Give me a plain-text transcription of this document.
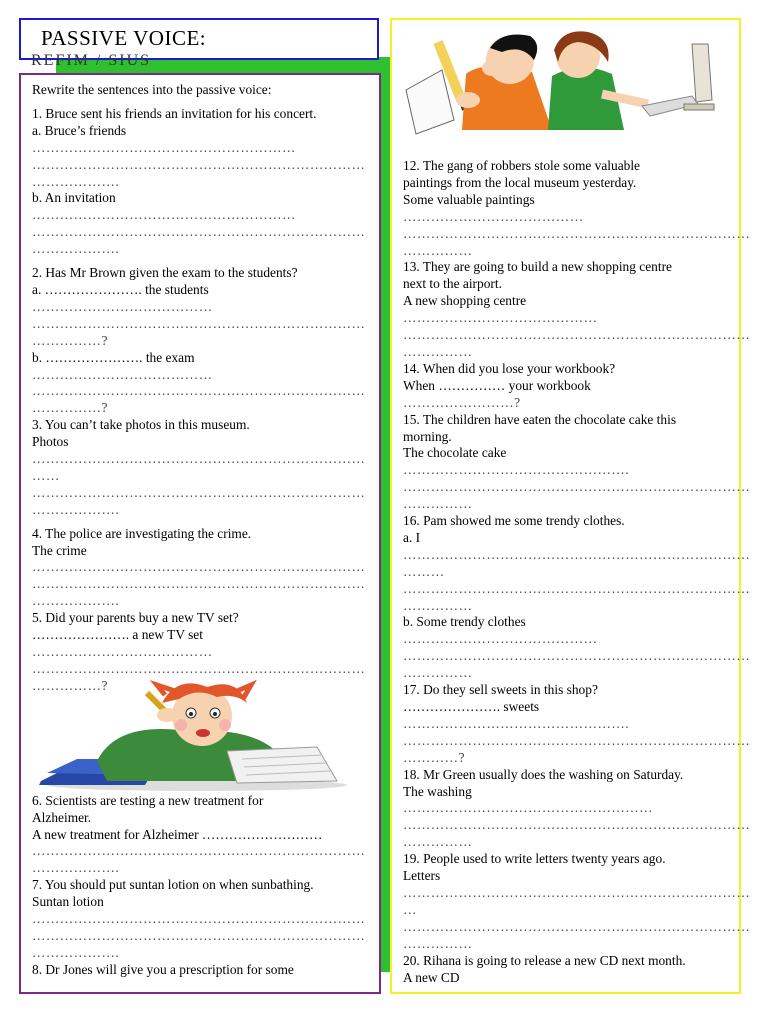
PASSIVE VOICE:
REFIM / SIUS

Rewrite the sentences into the passive voice:

1. Bruce sent his friends an invitation for his concert.

a. Bruce’s friends

…………………………………………………

………………………………………………………………

……………….

b. An invitation

…………………………………………………

………………………………………………………………

……………….

2. Has Mr Brown given the exam to the students?

a. …………………. the students

…………………………………

………………………………………………………………

……………?

b. …………………. the exam

…………………………………

………………………………………………………………

……………?

3. You can’t take photos in this museum.

Photos

………………………………………………………………

……

………………………………………………………………

……………….

4. The police are investigating the crime.

The crime

………………………………………………………………

………………………………………………………………

……………….

5. Did your parents buy a new TV set?

…………………. a new TV set

…………………………………

………………………………………………………………

……………?

6. Scientists are testing a new treatment for

Alzheimer.

A new treatment for Alzheimer ………………………

………………………………………………………………

……………….

7. You should put suntan lotion on when sunbathing.

Suntan lotion

………………………………………………………………

………………………………………………………………

……………….

8. Dr Jones will give you a prescription for some

12. The gang of robbers stole some valuable

paintings from the local museum yesterday.

Some valuable paintings

…………………………………

…………………………………………………………………

……………

13. They are going to build a new shopping centre

next to the airport.

A new shopping centre

……………………………………

…………………………………………………………………

……………

14. When did you lose your workbook?

When …………… your workbook

……………………?

15. The children have eaten the chocolate cake this

morning.

The chocolate cake

………………………………………….

…………………………………………………………………

……………

16. Pam showed me some trendy clothes.

a. I

…………………………………………………………………

………

…………………………………………………………………

……………

b. Some trendy clothes

……………………………………

…………………………………………………………………

……………

17. Do they sell sweets in this shop?

…………………. sweets

………………………………………….

…………………………………………………………………

…………?

18. Mr Green usually does the washing on Saturday.

The washing

………………………………………………

…………………………………………………………………

……………

19. People used to write letters twenty years ago.

Letters

…………………………………………………………………

…

…………………………………………………………………

……………

20. Rihana is going to release a new CD next month.

A new CD
